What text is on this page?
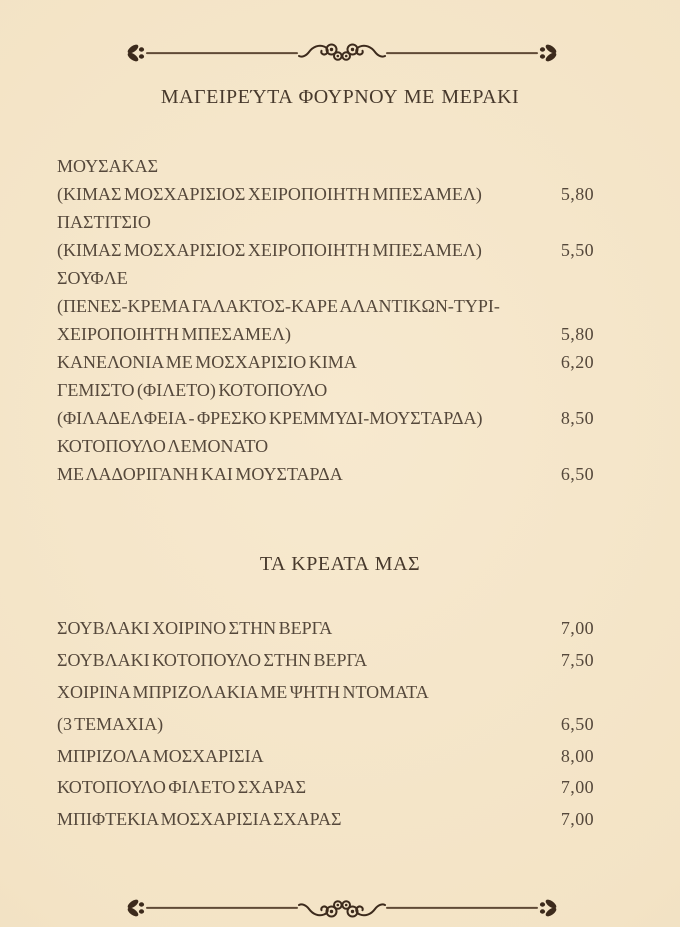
ΜΑΓΕΙΡΕΎΤΑ ΦΟΥΡΝΟΥ ΜΕ ΜΕΡΑΚΙ
ΜΟΥΣΑΚΑΣ
(ΚΙΜΑΣ ΜΟΣΧΑΡΙΣΙΟΣ ΧΕΙΡΟΠΟΙΗΤΗ ΜΠΕΣΑΜΕΛ)	5,80
ΠΑΣΤΙΤΣΙΟ
(ΚΙΜΑΣ ΜΟΣΧΑΡΙΣΙΟΣ ΧΕΙΡΟΠΟΙΗΤΗ ΜΠΕΣΑΜΕΛ)	5,50
ΣΟΥΦΛΕ
(ΠΕΝΕΣ-ΚΡΕΜΑ ΓΑΛΑΚΤΟΣ-ΚΑΡΕ ΑΛΑΝΤΙΚΩΝ-ΤΥΡΙ-
ΧΕΙΡΟΠΟΙΗΤΗ ΜΠΕΣΑΜΕΛ)	5,80
ΚΑΝΕΛΟΝΙΑ ΜΕ ΜΟΣΧΑΡΙΣΙΟ ΚΙΜΑ	6,20
ΓΕΜΙΣΤΟ (ΦΙΛΕΤΟ) ΚΟΤΟΠΟΥΛΟ
(ΦΙΛΑΔΕΛΦΕΙΑ - ΦΡΕΣΚΟ ΚΡΕΜΜΥΔΙ-ΜΟΥΣΤΑΡΔΑ)	8,50
ΚΟΤΟΠΟΥΛΟ ΛΕΜΟΝΑΤΟ
ΜΕ ΛΑΔΟΡΙΓΑΝΗ ΚΑΙ ΜΟΥΣΤΑΡΔΑ	6,50
ΤΑ ΚΡΕΑΤΑ ΜΑΣ
ΣΟΥΒΛΑΚΙ ΧΟΙΡΙΝΟ ΣΤΗΝ ΒΕΡΓΑ	7,00
ΣΟΥΒΛΑΚΙ ΚΟΤΟΠΟΥΛΟ ΣΤΗΝ ΒΕΡΓΑ	7,50
ΧΟΙΡΙΝΑ ΜΠΡΙΖΟΛΑΚΙΑ ΜΕ ΨΗΤΗ ΝΤΟΜΑΤΑ
(3 ΤΕΜΑΧΙΑ)	6,50
ΜΠΡΙΖΟΛΑ ΜΟΣΧΑΡΙΣΙΑ	8,00
ΚΟΤΟΠΟΥΛΟ ΦΙΛΕΤΟ ΣΧΑΡΑΣ	7,00
ΜΠΙΦΤΕΚΙΑ ΜΟΣΧΑΡΙΣΙΑ ΣΧΑΡΑΣ	7,00
